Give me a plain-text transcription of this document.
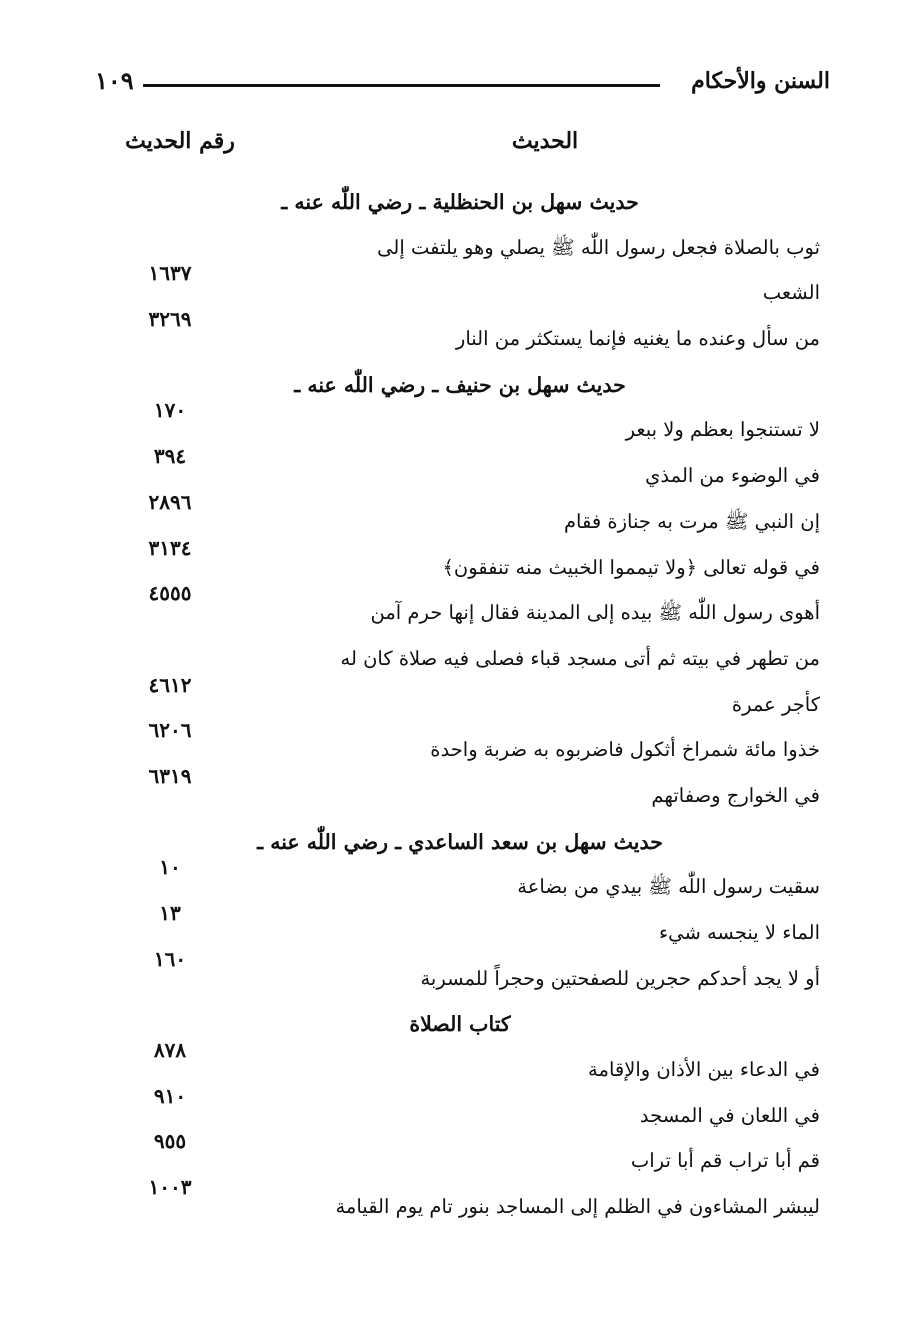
السنن والأحكام
١٠٩
الحديث
رقم الحديث
حديث سهل بن الحنظلية ـ رضي اللّٰه عنه ـ
ثوب بالصلاة فجعل رسول اللّٰه ﷺ يصلي وهو يلتفت إلى
الشعب
١٦٣٧
من سأل وعنده ما يغنيه فإنما يستكثر من النار
٣٢٦٩
حديث سهل بن حنيف ـ رضي اللّٰه عنه ـ
لا تستنجوا بعظم ولا ببعر
١٧٠
في الوضوء من المذي
٣٩٤
إن النبي ﷺ مرت به جنازة فقام
٢٨٩٦
في قوله تعالى ﴿ولا تيمموا الخبيث منه تنفقون﴾
٣١٣٤
أهوى رسول اللّٰه ﷺ بيده إلى المدينة فقال إنها حرم آمن
٤٥٥٥
من تطهر في بيته ثم أتى مسجد قباء فصلى فيه صلاة كان له
كأجر عمرة
٤٦١٢
خذوا مائة شمراخ أثكول فاضربوه به ضربة واحدة
٦٢٠٦
في الخوارج وصفاتهم
٦٣١٩
حديث سهل بن سعد الساعدي ـ رضي اللّٰه عنه ـ
سقيت رسول اللّٰه ﷺ بيدي من بضاعة
١٠
الماء لا ينجسه شيء
١٣
أو لا يجد أحدكم حجرين للصفحتين وحجراً للمسربة
١٦٠
كتاب الصلاة
في الدعاء بين الأذان والإقامة
٨٧٨
في اللعان في المسجد
٩١٠
قم أبا تراب قم أبا تراب
٩٥٥
ليبشر المشاءون في الظلم إلى المساجد بنور تام يوم القيامة
١٠٠٣
